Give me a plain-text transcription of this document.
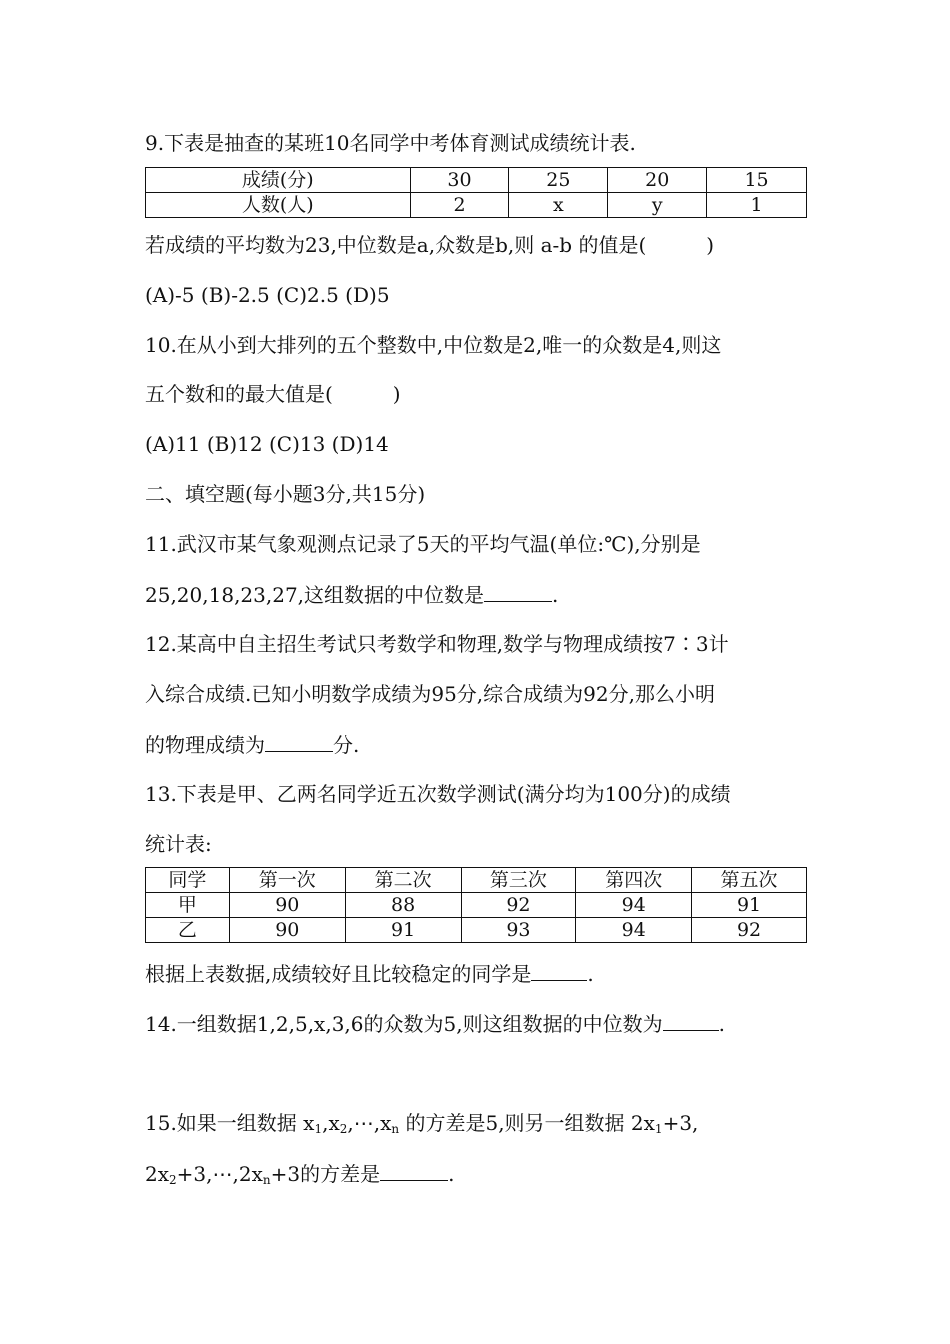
9.下表是抽查的某班10名同学中考体育测试成绩统计表.
成绩(分)	30	25	20	15
人数(人)	2	x	y	1
若成绩的平均数为23,中位数是a,众数是b,则 a-b 的值是(　　　)
(A)-5 (B)-2.5 (C)2.5 (D)5
10.在从小到大排列的五个整数中,中位数是2,唯一的众数是4,则这
五个数和的最大值是(　　　)
(A)11 (B)12 (C)13 (D)14
二、填空题(每小题3分,共15分)
11.武汉市某气象观测点记录了5天的平均气温(单位:℃),分别是
25,20,18,23,27,这组数据的中位数是	.
12.某高中自主招生考试只考数学和物理,数学与物理成绩按7∶3计
入综合成绩.已知小明数学成绩为95分,综合成绩为92分,那么小明
的物理成绩为	分.
13.下表是甲、乙两名同学近五次数学测试(满分均为100分)的成绩
统计表:
同学	第一次	第二次	第三次	第四次	第五次
甲	90	88	92	94	91
乙	90	91	93	94	92
根据上表数据,成绩较好且比较稳定的同学是	.
14.一组数据1,2,5,x,3,6的众数为5,则这组数据的中位数为	.
15.如果一组数据 $x_1,x_2,\cdots,x_n$ 的方差是5,则另一组数据 $2x_1+3$,
$2x_2+3,\cdots,2x_n+3$的方差是	.
